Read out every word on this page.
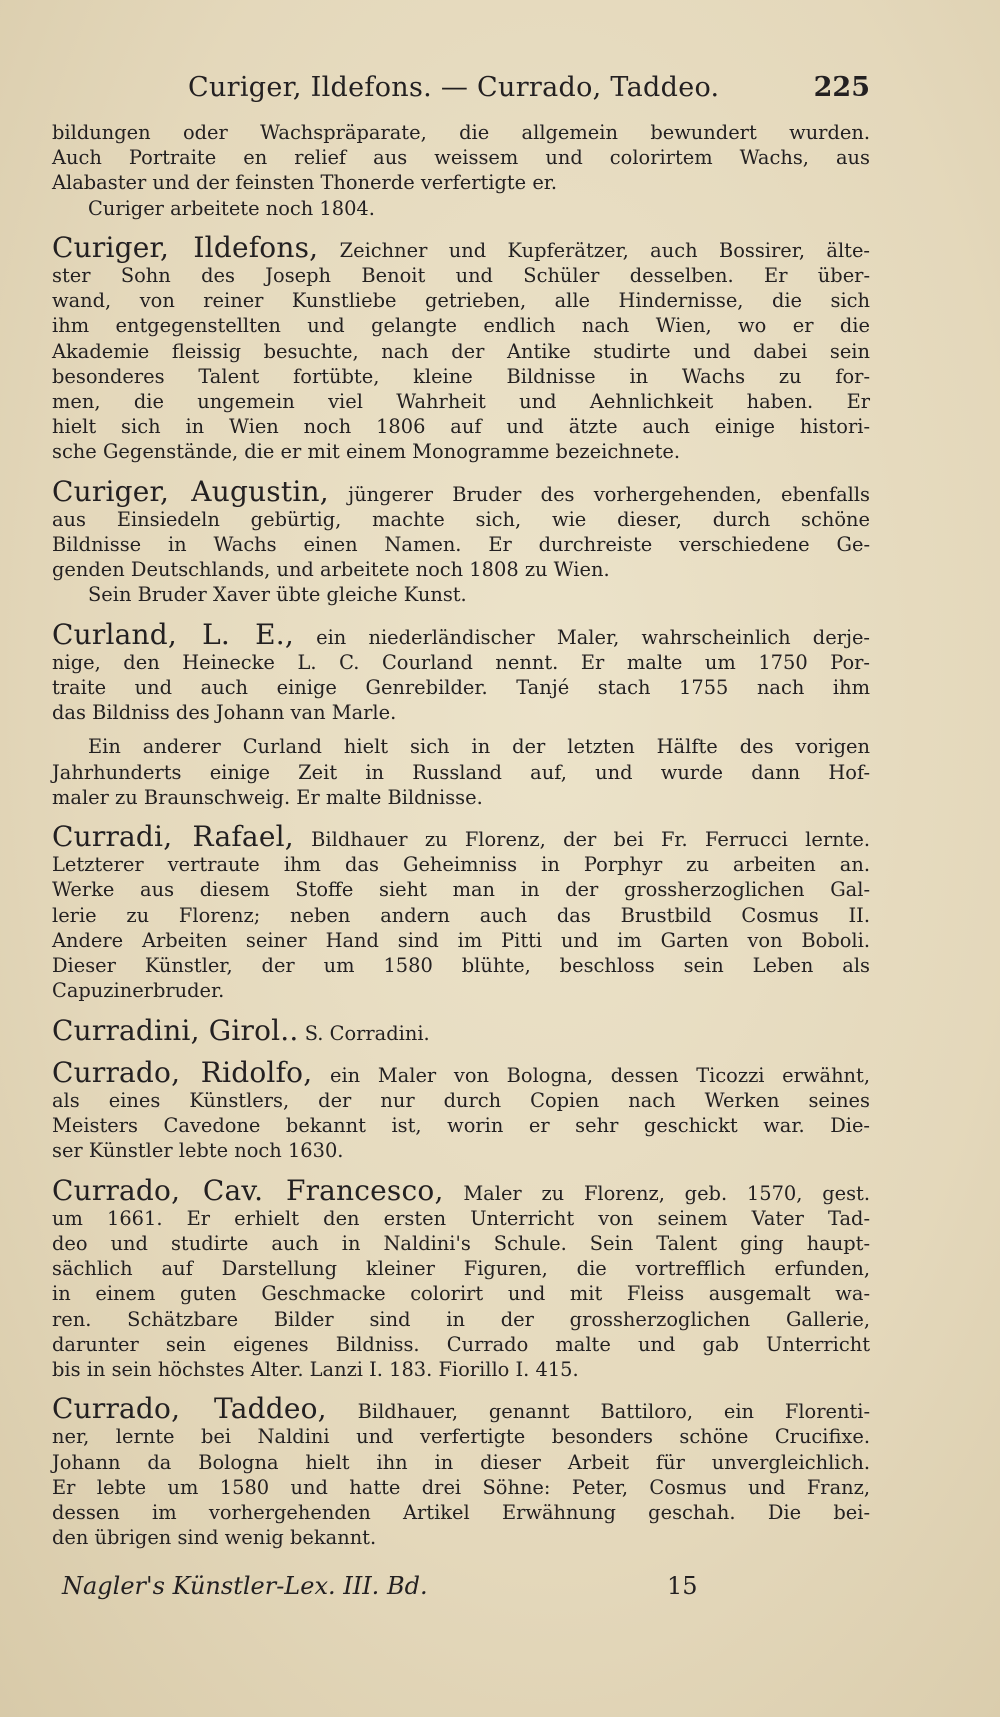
Curiger, Ildefons. — Currado, Taddeo.	225
bildungen oder Wachspräparate, die allgemein bewundert wurden.
Auch Portraite en relief aus weissem und colorirtem Wachs, aus
Alabaster und der feinsten Thonerde verfertigte er.
Curiger arbeitete noch 1804.
Curiger, Ildefons, Zeichner und Kupferätzer, auch Bossirer, älte-
ster Sohn des Joseph Benoit und Schüler desselben. Er über-
wand, von reiner Kunstliebe getrieben, alle Hindernisse, die sich
ihm entgegenstellten und gelangte endlich nach Wien, wo er die
Akademie fleissig besuchte, nach der Antike studirte und dabei sein
besonderes Talent fortübte, kleine Bildnisse in Wachs zu for-
men, die ungemein viel Wahrheit und Aehnlichkeit haben. Er
hielt sich in Wien noch 1806 auf und ätzte auch einige histori-
sche Gegenstände, die er mit einem Monogramme bezeichnete.
Curiger, Augustin, jüngerer Bruder des vorhergehenden, ebenfalls
aus Einsiedeln gebürtig, machte sich, wie dieser, durch schöne
Bildnisse in Wachs einen Namen. Er durchreiste verschiedene Ge-
genden Deutschlands, und arbeitete noch 1808 zu Wien.
Sein Bruder Xaver übte gleiche Kunst.
Curland, L. E., ein niederländischer Maler, wahrscheinlich derje-
nige, den Heinecke L. C. Courland nennt. Er malte um 1750 Por-
traite und auch einige Genrebilder. Tanjé stach 1755 nach ihm
das Bildniss des Johann van Marle.
Ein anderer Curland hielt sich in der letzten Hälfte des vorigen
Jahrhunderts einige Zeit in Russland auf, und wurde dann Hof-
maler zu Braunschweig. Er malte Bildnisse.
Curradi, Rafael, Bildhauer zu Florenz, der bei Fr. Ferrucci lernte.
Letzterer vertraute ihm das Geheimniss in Porphyr zu arbeiten an.
Werke aus diesem Stoffe sieht man in der grossherzoglichen Gal-
lerie zu Florenz; neben andern auch das Brustbild Cosmus II.
Andere Arbeiten seiner Hand sind im Pitti und im Garten von Boboli.
Dieser Künstler, der um 1580 blühte, beschloss sein Leben als
Capuzinerbruder.
Curradini, Girol.. S. Corradini.
Currado, Ridolfo, ein Maler von Bologna, dessen Ticozzi erwähnt,
als eines Künstlers, der nur durch Copien nach Werken seines
Meisters Cavedone bekannt ist, worin er sehr geschickt war. Die-
ser Künstler lebte noch 1630.
Currado, Cav. Francesco, Maler zu Florenz, geb. 1570, gest.
um 1661. Er erhielt den ersten Unterricht von seinem Vater Tad-
deo und studirte auch in Naldini's Schule. Sein Talent ging haupt-
sächlich auf Darstellung kleiner Figuren, die vortrefflich erfunden,
in einem guten Geschmacke colorirt und mit Fleiss ausgemalt wa-
ren. Schätzbare Bilder sind in der grossherzoglichen Gallerie,
darunter sein eigenes Bildniss. Currado malte und gab Unterricht
bis in sein höchstes Alter. Lanzi I. 183. Fiorillo I. 415.
Currado, Taddeo, Bildhauer, genannt Battiloro, ein Florenti-
ner, lernte bei Naldini und verfertigte besonders schöne Crucifixe.
Johann da Bologna hielt ihn in dieser Arbeit für unvergleichlich.
Er lebte um 1580 und hatte drei Söhne: Peter, Cosmus und Franz,
dessen im vorhergehenden Artikel Erwähnung geschah. Die bei-
den übrigen sind wenig bekannt.
Nagler's Künstler-Lex. III. Bd.	15
